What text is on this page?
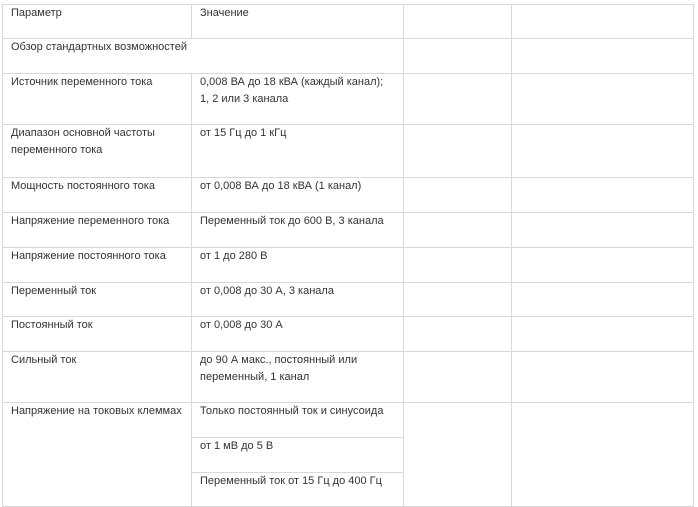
Параметр	Значение		
Обзор стандартных возможностей			
Источник переменного тока	0,008 ВА до 18 кВА (каждый канал); 1, 2 или 3 канала		
Диапазон основной частоты переменного тока	от 15 Гц до 1 кГц		
Мощность постоянного тока	от 0,008 ВА до 18 кВА (1 канал)		
Напряжение переменного тока	Переменный ток до 600 В, 3 канала		
Напряжение постоянного тока	от 1 до 280 В		
Переменный ток	от 0,008 до 30 А, 3 канала		
Постоянный ток	от 0,008 до 30 А		
Сильный ток	до 90 А макс., постоянный или переменный, 1 канал		
Напряжение на токовых клеммах	Только постоянный ток и синусоида		
	от 1 мВ до 5 В		
	Переменный ток от 15 Гц до 400 Гц		
